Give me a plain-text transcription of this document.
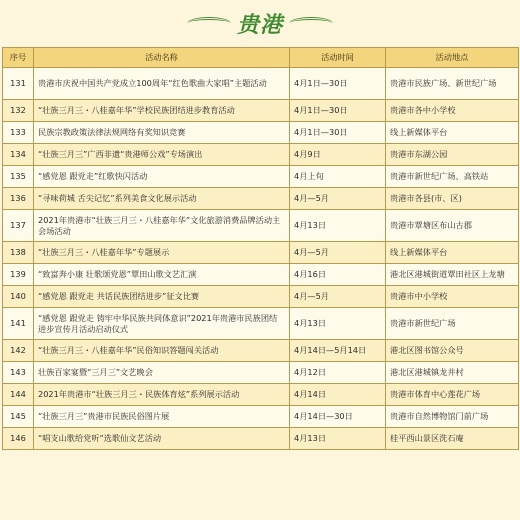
贵港
序号	活动名称	活动时间	活动地点
131	贵港市庆祝中国共产党成立100周年“红色歌曲大家唱”主题活动	4月1日—30日	贵港市民族广场、新世纪广场
132	“壮族三月三・八桂嘉年华”学校民族团结进步教育活动	4月1日—30日	贵港市各中小学校
133	民族宗教政策法律法规网络有奖知识竞赛	4月1日—30日	线上新媒体平台
134	“壮族三月三”广西非遗“贵港师公戏”专场演出	4月9日	贵港市东湖公园
135	“感党恩 跟党走”红歌快闪活动	4月上旬	贵港市新世纪广场、高铁站
136	“寻味荷城 舌尖记忆”系列美食文化展示活动	4月—5月	贵港市各县(市、区)
137	2021年贵港市“壮族三月三・八桂嘉年华”文化旅游消费品牌活动主会场活动	4月13日	贵港市覃塘区布山古郡
138	“壮族三月三・八桂嘉年华”专题展示	4月—5月	线上新媒体平台
139	“致富奔小康 壮歌颂党恩”覃田山歌文艺汇演	4月16日	港北区港城街道覃田社区上龙塘
140	“感党恩 跟党走 共话民族团结进步”征文比赛	4月—5月	贵港市中小学校
141	“感党恩 跟党走 铸牢中华民族共同体意识”2021年贵港市民族团结进步宣传月活动启动仪式	4月13日	贵港市新世纪广场
142	“壮族三月三・八桂嘉年华”民俗知识答题闯关活动	4月14日—5月14日	港北区图书馆公众号
143	壮族百家宴暨“三月三”文艺晚会	4月12日	港北区港城镇龙井村
144	2021年贵港市“壮族三月三・民族体育炫”系列展示活动	4月14日	贵港市体育中心莲花广场
145	“壮族三月三”贵港市民族民俗图片展	4月14日—30日	贵港市自然博物馆门前广场
146	“唱支山歌给党听”选歌仙文艺活动	4月13日	桂平西山景区洗石庵
